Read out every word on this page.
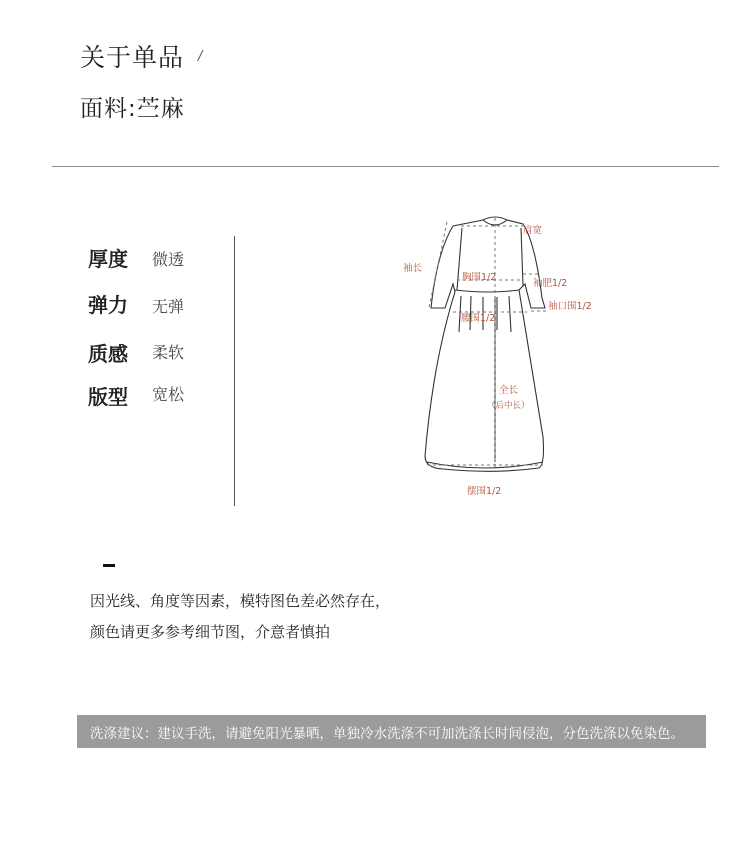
关于单品 /
面料:苎麻
厚度 微透
弹力 无弹
质感 柔软
版型 宽松
肩宽
袖长
胸围1/2
袖肥1/2
袖口围1/2
腰围1/2
全长
（后中长）
摆围1/2
因光线、角度等因素，模特图色差必然存在，
颜色请更多参考细节图，介意者慎拍
洗涤建议：建议手洗，请避免阳光暴晒，单独冷水洗涤不可加洗涤长时间侵泡，分色洗涤以免染色。
